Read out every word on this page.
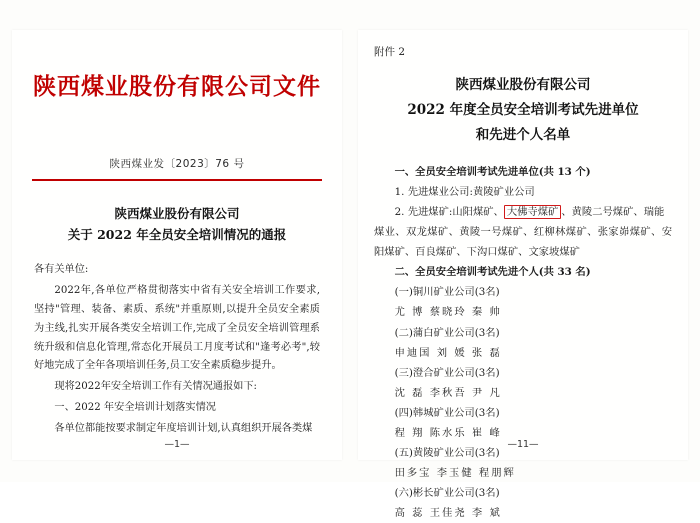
陕西煤业股份有限公司文件
陕西煤业发〔2023〕76 号
陕西煤业股份有限公司
关于 2022 年全员安全培训情况的通报

各有关单位:

2022年,各单位严格贯彻落实中省有关安全培训工作要求,坚持"管理、装备、素质、系统"并重原则,以提升全员安全素质为主线,扎实开展各类安全培训工作,完成了全员安全培训管理系统升级和信息化管理,常态化开展员工月度考试和"逢考必考",较好地完成了全年各项培训任务,员工安全素质稳步提升。

现将2022年安全培训工作有关情况通报如下:

一、2022 年安全培训计划落实情况

各单位都能按要求制定年度培训计划,认真组织开展各类煤

—1—
附件 2
陕西煤业股份有限公司
2022 年度全员安全培训考试先进单位
和先进个人名单

一、全员安全培训考试先进单位(共 13 个)

1. 先进煤业公司:黄陵矿业公司

2. 先进煤矿:山阳煤矿、 大佛寺煤矿 、黄陵二号煤矿、瑞能

煤业、双龙煤矿、黄陵一号煤矿、红柳林煤矿、张家峁煤矿、安阳煤矿、百良煤矿、下沟口煤矿、文家坡煤矿

二、全员安全培训考试先进个人(共 33 名)

(一)铜川矿业公司(3名)

尤 博 蔡晓玲 秦 帅

(二)蒲白矿业公司(3名)

申迪国 刘 媛 张 磊

(三)澄合矿业公司(3名)

沈 磊 李秋吾 尹 凡

(四)韩城矿业公司(3名)

程 翔 陈水乐 崔 峰

(五)黄陵矿业公司(3名)

田多宝 李玉健 程朋辉

(六)彬长矿业公司(3名)

高 蕊 王佳尧 李 斌

—11—
